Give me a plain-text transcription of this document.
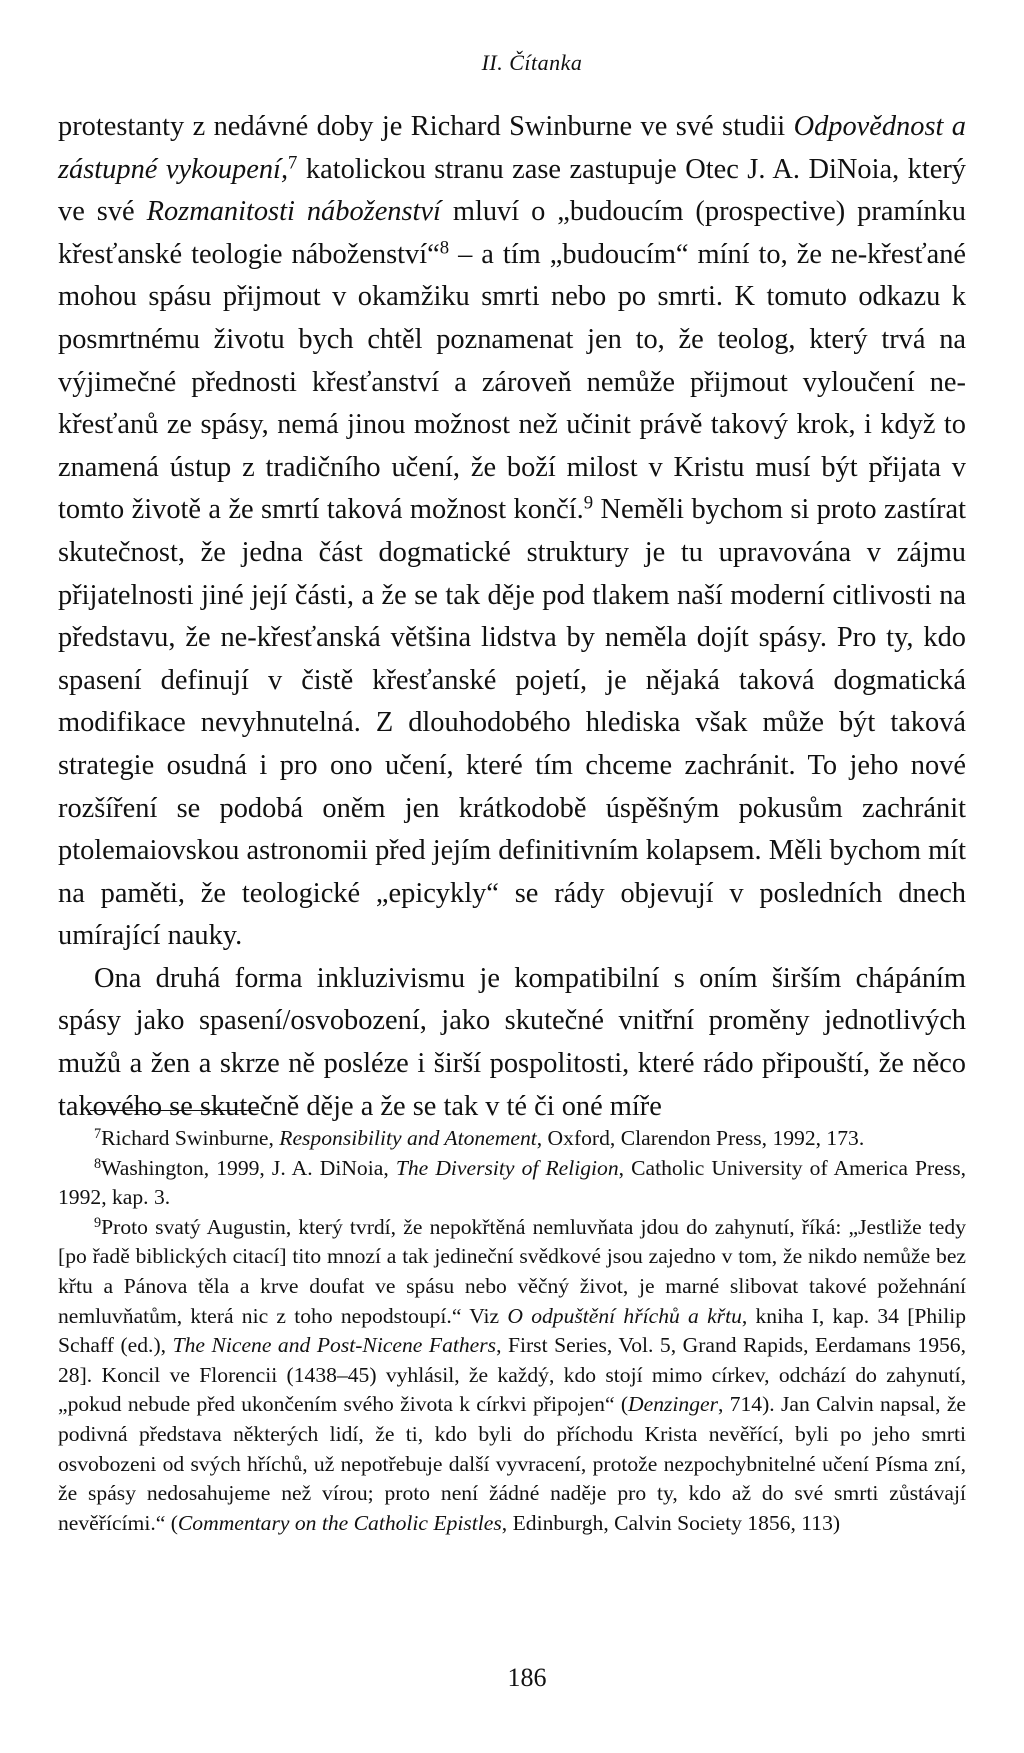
II. Čítanka

protestanty z nedávné doby je Richard Swinburne ve své studii Odpovědnost a zástupné vykoupení,$^7$ katolickou stranu zase zastupuje Otec J. A. DiNoia, který ve své Rozmanitosti náboženství mluví o „budoucím (prospective) pramínku křesťanské teologie náboženství“$^8$ – a tím „budoucím“ míní to, že ne-křesťané mohou spásu přijmout v okamžiku smrti nebo po smrti. K tomuto odkazu k posmrtnému životu bych chtěl poznamenat jen to, že teolog, který trvá na výjimečné přednosti křesťanství a zároveň nemůže přijmout vyloučení ne-křesťanů ze spásy, nemá jinou možnost než učinit právě takový krok, i když to znamená ústup z tradičního učení, že boží milost v Kristu musí být přijata v tomto životě a že smrtí taková možnost končí.$^9$ Neměli bychom si proto zastírat skutečnost, že jedna část dogmatické struktury je tu upravována v zájmu přijatelnosti jiné její části, a že se tak děje pod tlakem naší moderní citlivosti na představu, že ne-křesťanská většina lidstva by neměla dojít spásy. Pro ty, kdo spasení definují v čistě křesťanské pojetí, je nějaká taková dogmatická modifikace nevyhnutelná. Z dlouhodobého hlediska však může být taková strategie osudná i pro ono učení, které tím chceme zachránit. To jeho nové rozšíření se podobá oněm jen krátkodobě úspěšným pokusům zachránit ptolemaiovskou astronomii před jejím definitivním kolapsem. Měli bychom mít na paměti, že teologické „epicykly“ se rády objevují v posledních dnech umírající nauky.

Ona druhá forma inkluzivismu je kompatibilní s oním širším chápáním spásy jako spasení/osvobození, jako skutečné vnitřní proměny jednotlivých mužů a žen a skrze ně posléze i širší pospolitosti, které rádo připouští, že něco takového se skutečně děje a že se tak v té či oné míře

$^7$Richard Swinburne, Responsibility and Atonement, Oxford, Clarendon Press, 1992, 173.

$^8$Washington, 1999, J. A. DiNoia, The Diversity of Religion, Catholic University of America Press, 1992, kap. 3.

$^9$Proto svatý Augustin, který tvrdí, že nepokřtěná nemluvňata jdou do zahynutí, říká: „Jestliže tedy [po řadě biblických citací] tito mnozí a tak jedineční svědkové jsou zajedno v tom, že nikdo nemůže bez křtu a Pánova těla a krve doufat ve spásu nebo věčný život, je marné slibovat takové požehnání nemluvňatům, která nic z toho nepodstoupí.“ Viz O odpuštění hříchů a křtu, kniha I, kap. 34 [Philip Schaff (ed.), The Nicene and Post-Nicene Fathers, First Series, Vol. 5, Grand Rapids, Eerdamans 1956, 28]. Koncil ve Florencii (1438–45) vyhlásil, že každý, kdo stojí mimo církev, odchází do zahynutí, „pokud nebude před ukončením svého života k církvi připojen“ (Denzinger, 714). Jan Calvin napsal, že podivná představa některých lidí, že ti, kdo byli do příchodu Krista nevěřící, byli po jeho smrti osvobozeni od svých hříchů, už nepotřebuje další vyvracení, protože nezpochybnitelné učení Písma zní, že spásy nedosahujeme než vírou; proto není žádné naděje pro ty, kdo až do své smrti zůstávají nevěřícími.“ (Commentary on the Catholic Epistles, Edinburgh, Calvin Society 1856, 113)

186
